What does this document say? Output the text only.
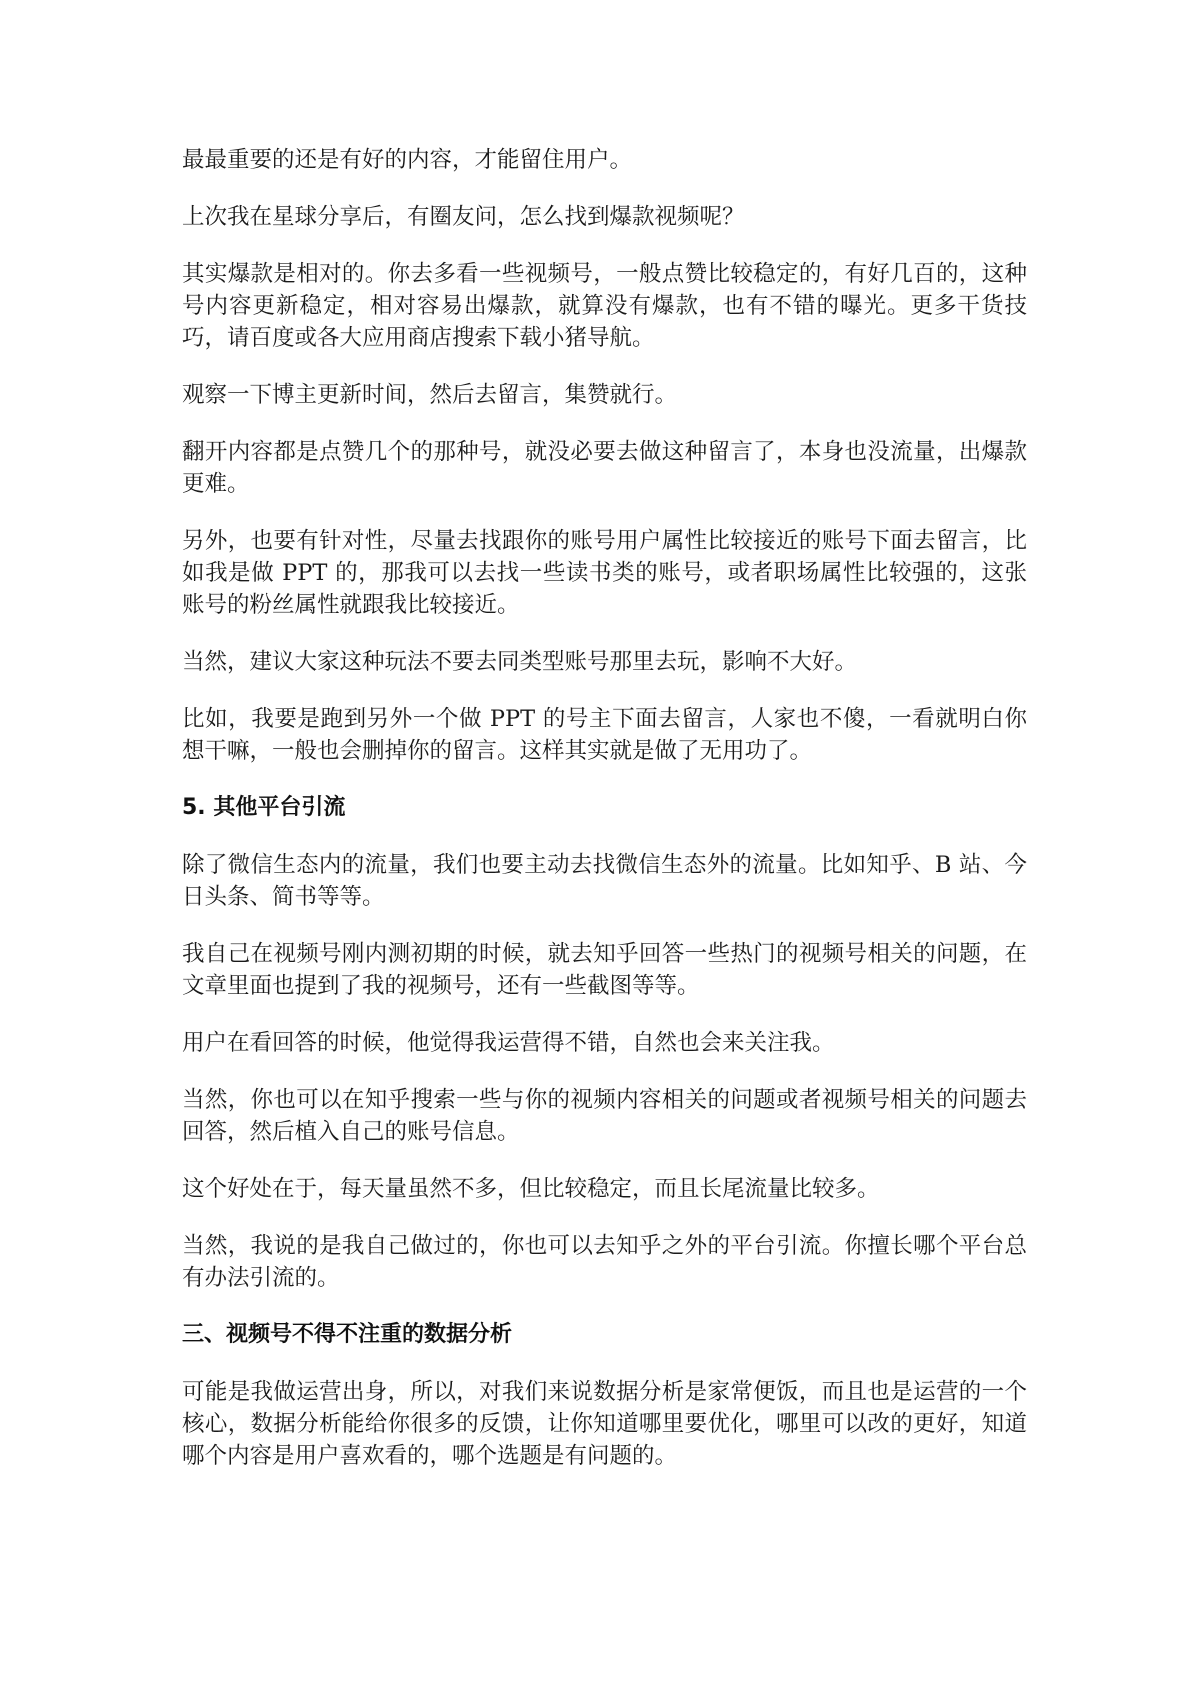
最最重要的还是有好的内容，才能留住用户。

上次我在星球分享后，有圈友问，怎么找到爆款视频呢？

其实爆款是相对的。你去多看一些视频号，一般点赞比较稳定的，有好几百的，这种号内容更新稳定，相对容易出爆款，就算没有爆款，也有不错的曝光。更多干货技巧，请百度或各大应用商店搜索下载小猪导航。

观察一下博主更新时间，然后去留言，集赞就行。

翻开内容都是点赞几个的那种号，就没必要去做这种留言了，本身也没流量，出爆款更难。

另外，也要有针对性，尽量去找跟你的账号用户属性比较接近的账号下面去留言，比如我是做 PPT 的，那我可以去找一些读书类的账号，或者职场属性比较强的，这张账号的粉丝属性就跟我比较接近。

当然，建议大家这种玩法不要去同类型账号那里去玩，影响不大好。

比如，我要是跑到另外一个做 PPT 的号主下面去留言，人家也不傻，一看就明白你想干嘛，一般也会删掉你的留言。这样其实就是做了无用功了。

5. 其他平台引流

除了微信生态内的流量，我们也要主动去找微信生态外的流量。比如知乎、B 站、今日头条、简书等等。

我自己在视频号刚内测初期的时候，就去知乎回答一些热门的视频号相关的问题，在文章里面也提到了我的视频号，还有一些截图等等。

用户在看回答的时候，他觉得我运营得不错，自然也会来关注我。

当然，你也可以在知乎搜索一些与你的视频内容相关的问题或者视频号相关的问题去回答，然后植入自己的账号信息。

这个好处在于，每天量虽然不多，但比较稳定，而且长尾流量比较多。

当然，我说的是我自己做过的，你也可以去知乎之外的平台引流。你擅长哪个平台总有办法引流的。

三、视频号不得不注重的数据分析

可能是我做运营出身，所以，对我们来说数据分析是家常便饭，而且也是运营的一个核心，数据分析能给你很多的反馈，让你知道哪里要优化，哪里可以改的更好，知道哪个内容是用户喜欢看的，哪个选题是有问题的。
